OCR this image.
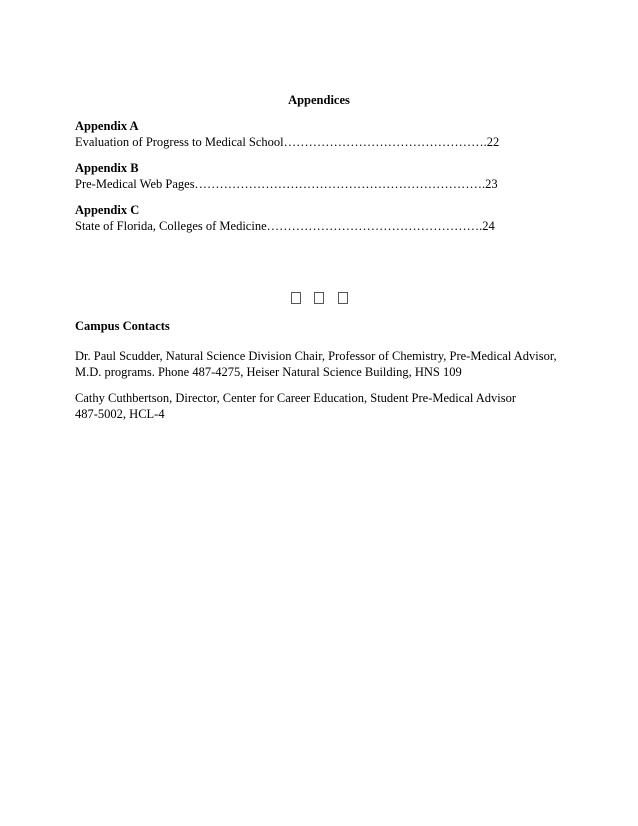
Appendices
Appendix A
Evaluation of Progress to Medical School………………………………………….22
Appendix B
Pre-Medical Web Pages…………………………………………………………….23
Appendix C
State of Florida, Colleges of Medicine…………………………………………….24

Campus Contacts
Dr. Paul Scudder, Natural Science Division Chair, Professor of Chemistry, Pre-Medical Advisor,
M.D. programs. Phone 487-4275, Heiser Natural Science Building, HNS 109
Cathy Cuthbertson, Director, Center for Career Education, Student Pre-Medical Advisor
487-5002, HCL-4
